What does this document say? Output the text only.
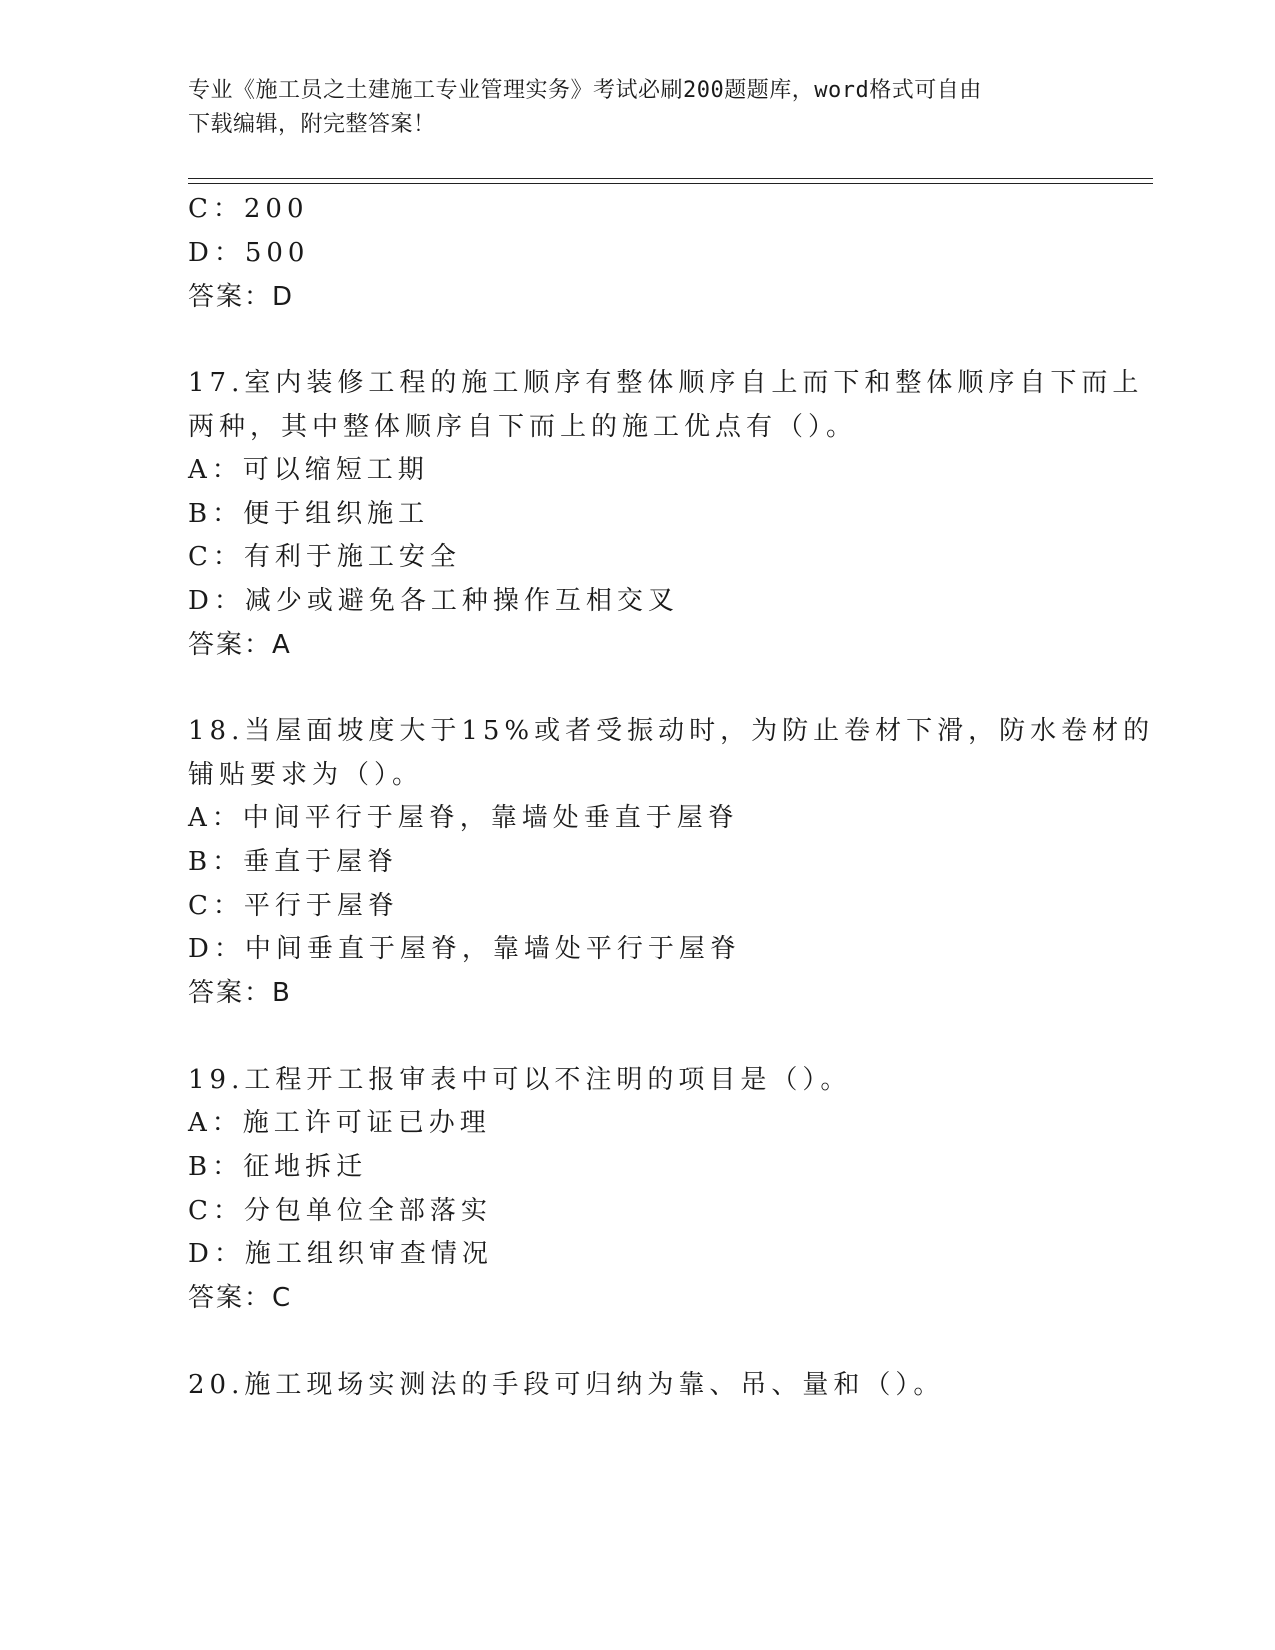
专业《施工员之土建施工专业管理实务》考试必刷200题题库，word格式可自由
下载编辑，附完整答案！
C：200
D：500
答案：D
17.室内装修工程的施工顺序有整体顺序自上而下和整体顺序自下而上
两种，其中整体顺序自下而上的施工优点有（）。
A：可以缩短工期
B：便于组织施工
C：有利于施工安全
D：减少或避免各工种操作互相交叉
答案：A
18.当屋面坡度大于15%或者受振动时，为防止卷材下滑，防水卷材的
铺贴要求为（）。
A：中间平行于屋脊，靠墙处垂直于屋脊
B：垂直于屋脊
C：平行于屋脊
D：中间垂直于屋脊，靠墙处平行于屋脊
答案：B
19.工程开工报审表中可以不注明的项目是（）。
A：施工许可证已办理
B：征地拆迁
C：分包单位全部落实
D：施工组织审查情况
答案：C
20.施工现场实测法的手段可归纳为靠、吊、量和（）。
